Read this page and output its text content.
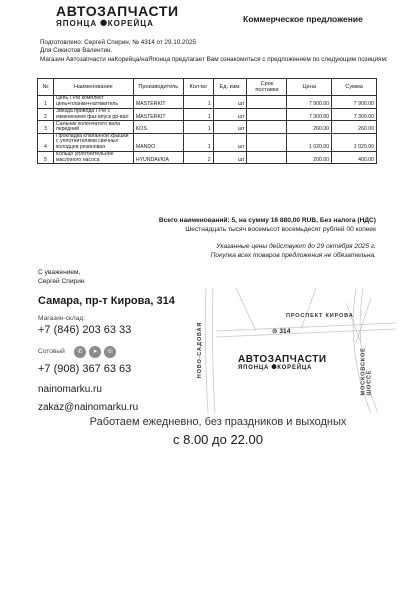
АВТОЗАПЧАСТИ
ЯПОНЦА ⯃КОРЕЙЦА	Коммерческое предложение
Подготовлено: Сергей Спирин, № 4314 от 29.10.2025
Для Сикиотов Валентин.
Магазин Автозапчасти наКорейца/наЯпонца предлагает Вам ознакомиться с предложением по следующим позициям:
№	Наименование	Производитель	Кол-во	Ед. изм.	Срок поставки	Цена	Сумма
1	Цепь ГРМ комплект цепь+планки+натяжитель	MASTERKIT	1	шт		7 900.00	7 900.00
2	Звезда привода ГРМ с изменением фаз впуск рр-вал	MASTERKIT	1	шт		7 300.00	7 300.00
3	Сальник коленчатого вала передний	KOS	1	шт		260.00	260.00
4	Прокладка клапанной крышки с уплотнителями свечных колодцев резиновая	MANDO	1	шт		1 020.00	1 020.00
5	Кольцо уплотнительное масляного насоса	HYUNDAI/KIA	2	шт		200.00	400.00
Всего наименований: 5, на сумму 16 880,00 RUB, Без налога (НДС)
Шестнадцать тысяч восемьсот восемьдесят рублей 00 копеек
Указанные цены действуют до 29 октября 2025 г.
Покупка всех товаров предложения не обязательна.
С уважением,
Сергей Спирин
Самара, пр-т Кирова, 314
Магазин-склад:
+7 (846) 203 63 33
Сотовый	✆	➤	☏
+7 (908) 367 63 63
nainomarku.ru
zakaz@nainomarku.ru
ПРОСПЕКТ КИРОВА
НОВО-САДОВАЯ	МОСКОВСКОЕ ШОССЕ
⊙ 314
АВТОЗАПЧАСТИ
ЯПОНЦА ⯃КОРЕЙЦА
Работаем ежедневно, без праздников и выходных
с 8.00 до 22.00
